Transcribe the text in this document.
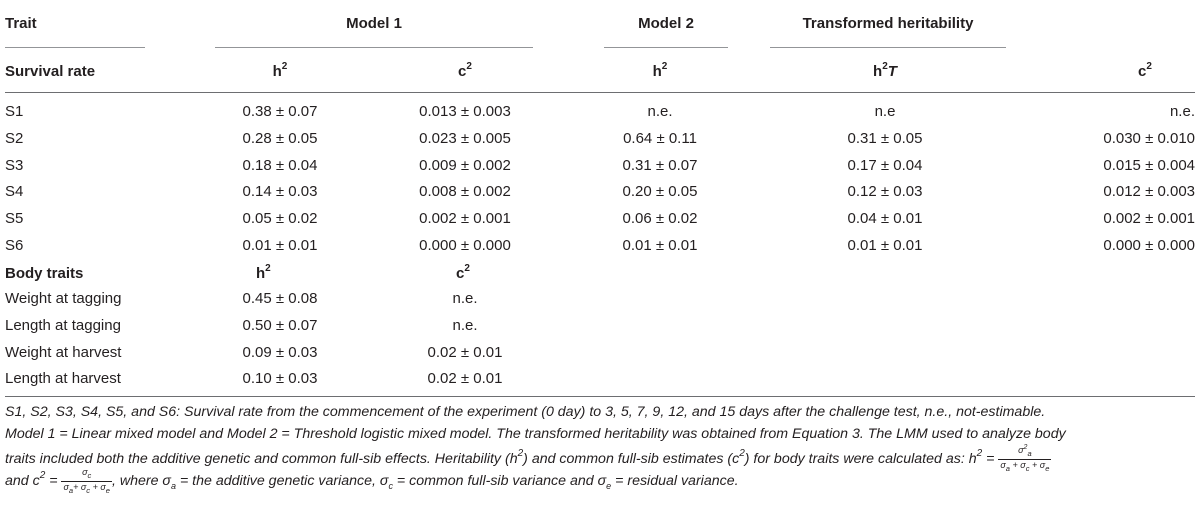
Trait	Model 1	Model 2	Transformed heritability
Survival rate	$h^2$	$c^2$	$h^2$	$h^2T$	$c^2$
S1	0.38 ± 0.07	0.013 ± 0.003	n.e.	n.e	n.e.
S2	0.28 ± 0.05	0.023 ± 0.005	0.64 ± 0.11	0.31 ± 0.05	0.030 ± 0.010
S3	0.18 ± 0.04	0.009 ± 0.002	0.31 ± 0.07	0.17 ± 0.04	0.015 ± 0.004
S4	0.14 ± 0.03	0.008 ± 0.002	0.20 ± 0.05	0.12 ± 0.03	0.012 ± 0.003
S5	0.05 ± 0.02	0.002 ± 0.001	0.06 ± 0.02	0.04 ± 0.01	0.002 ± 0.001
S6	0.01 ± 0.01	0.000 ± 0.000	0.01 ± 0.01	0.01 ± 0.01	0.000 ± 0.000
Body traits	$h^2$	$c^2$
Weight at tagging	0.45 ± 0.08	n.e.
Length at tagging	0.50 ± 0.07	n.e.
Weight at harvest	0.09 ± 0.03	0.02 ± 0.01
Length at harvest	0.10 ± 0.03	0.02 ± 0.01
S1, S2, S3, S4, S5, and S6: Survival rate from the commencement of the experiment (0 day) to 3, 5, 7, 9, 12, and 15 days after the challenge test, n.e., not-estimable.
Model 1 = Linear mixed model and Model 2 = Threshold logistic mixed model. The transformed heritability was obtained from Equation 3. The LMM used to analyze body
traits included both the additive genetic and common full-sib effects. Heritability $(h^2)$ and common full-sib estimates $(c^2)$ for body traits were calculated as: $h^2 = \frac{\sigma^2_a}{\sigma_a + \sigma_c + \sigma_e}$
and $c^2 = \frac{\sigma_c}{\sigma_a+ \sigma_c + \sigma_e}$ , where $\sigma_a$ = the additive genetic variance, $\sigma_c$ = common full-sib variance and $\sigma_e$ = residual variance.
